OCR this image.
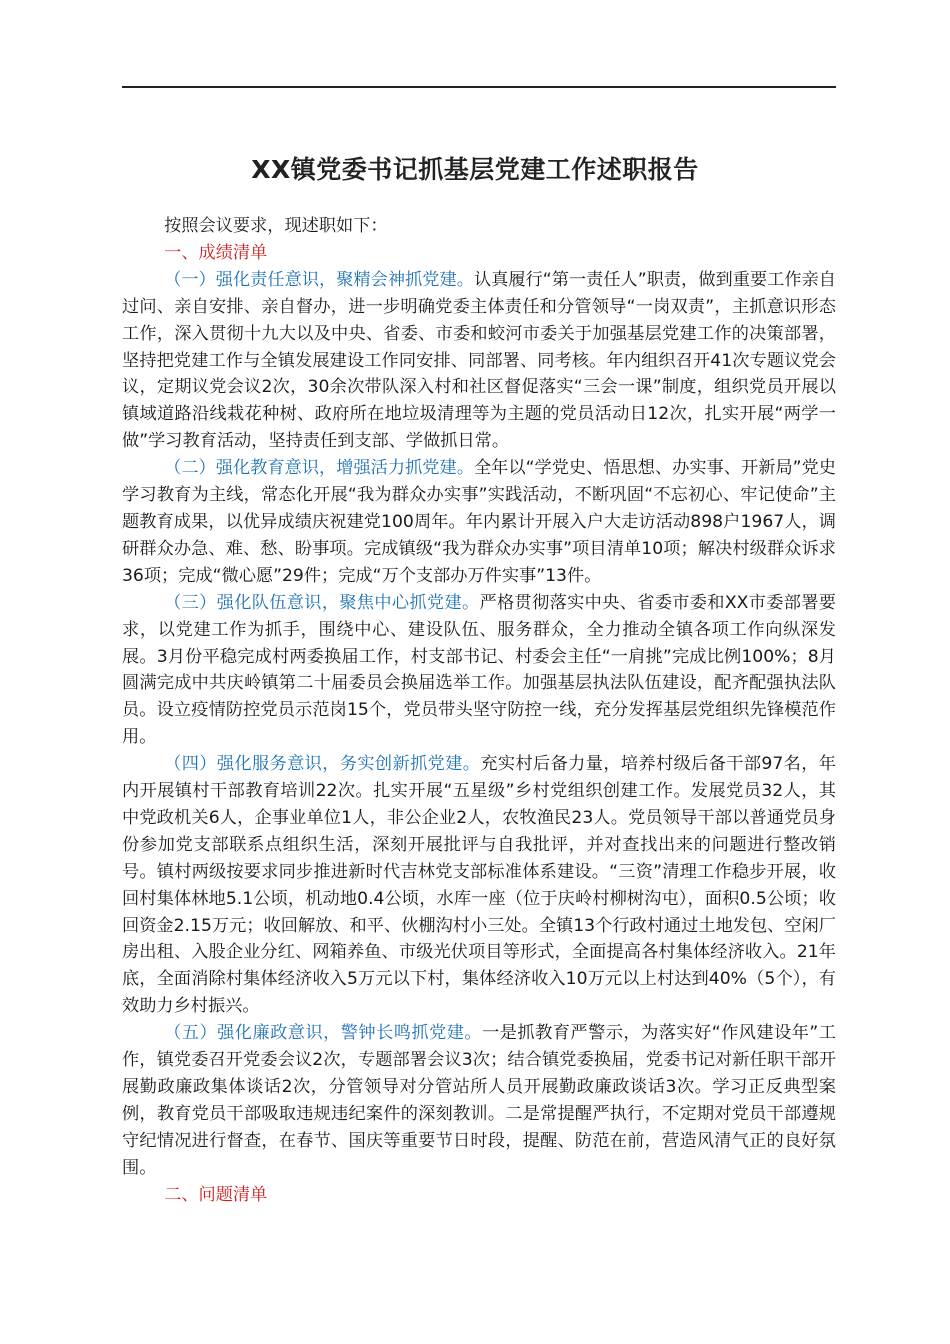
XX镇党委书记抓基层党建工作述职报告

按照会议要求，现述职如下：

一、成绩清单

（一）强化责任意识，聚精会神抓党建。认真履行“第一责任人”职责，做到重要工作亲自过问、亲自安排、亲自督办，进一步明确党委主体责任和分管领导“一岗双责”，主抓意识形态工作，深入贯彻十九大以及中央、省委、市委和蛟河市委关于加强基层党建工作的决策部署，坚持把党建工作与全镇发展建设工作同安排、同部署、同考核。年内组织召开41次专题议党会议，定期议党会议2次，30余次带队深入村和社区督促落实“三会一课”制度，组织党员开展以镇域道路沿线栽花种树、政府所在地垃圾清理等为主题的党员活动日12次，扎实开展“两学一做”学习教育活动，坚持责任到支部、学做抓日常。

（二）强化教育意识，增强活力抓党建。全年以“学党史、悟思想、办实事、开新局”党史学习教育为主线，常态化开展“我为群众办实事”实践活动，不断巩固“不忘初心、牢记使命”主题教育成果，以优异成绩庆祝建党100周年。年内累计开展入户大走访活动898户1967人，调研群众办急、难、愁、盼事项。完成镇级“我为群众办实事”项目清单10项；解决村级群众诉求36项；完成“微心愿”29件；完成“万个支部办万件实事”13件。

（三）强化队伍意识，聚焦中心抓党建。严格贯彻落实中央、省委市委和XX市委部署要求，以党建工作为抓手，围绕中心、建设队伍、服务群众，全力推动全镇各项工作向纵深发展。3月份平稳完成村两委换届工作，村支部书记、村委会主任“一肩挑”完成比例100%；8月圆满完成中共庆岭镇第二十届委员会换届选举工作。加强基层执法队伍建设，配齐配强执法队员。设立疫情防控党员示范岗15个，党员带头坚守防控一线，充分发挥基层党组织先锋模范作用。

（四）强化服务意识，务实创新抓党建。充实村后备力量，培养村级后备干部97名，年内开展镇村干部教育培训22次。扎实开展“五星级”乡村党组织创建工作。发展党员32人，其中党政机关6人，企事业单位1人，非公企业2人，农牧渔民23人。党员领导干部以普通党员身份参加党支部联系点组织生活，深刻开展批评与自我批评，并对查找出来的问题进行整改销号。镇村两级按要求同步推进新时代吉林党支部标准体系建设。“三资”清理工作稳步开展，收回村集体林地5.1公顷，机动地0.4公顷，水库一座（位于庆岭村柳树沟屯），面积0.5公顷；收回资金2.15万元；收回解放、和平、伙棚沟村小三处。全镇13个行政村通过土地发包、空闲厂房出租、入股企业分红、网箱养鱼、市级光伏项目等形式，全面提高各村集体经济收入。21年底，全面消除村集体经济收入5万元以下村，集体经济收入10万元以上村达到40%（5个），有效助力乡村振兴。

（五）强化廉政意识，警钟长鸣抓党建。一是抓教育严警示，为落实好“作风建设年”工作，镇党委召开党委会议2次，专题部署会议3次；结合镇党委换届，党委书记对新任职干部开展勤政廉政集体谈话2次，分管领导对分管站所人员开展勤政廉政谈话3次。学习正反典型案例，教育党员干部吸取违规违纪案件的深刻教训。二是常提醒严执行，不定期对党员干部遵规守纪情况进行督查，在春节、国庆等重要节日时段，提醒、防范在前，营造风清气正的良好氛围。

二、问题清单
